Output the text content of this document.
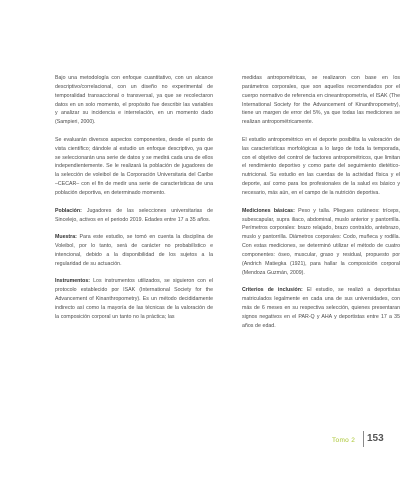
Bajo una metodología con enfoque cuantitativo, con un alcance descriptivo/correlacional, con un diseño no experimental de temporalidad transaccional o transversal, ya que se recolectaron datos en un solo momento, el propósito fue describir las variables y analizar su incidencia e interrelación, en un momento dado (Sampieri, 2000).

Se evaluarán diversos aspectos componentes, desde el punto de vista científico; dándole al estudio un enfoque descriptivo, ya que se seleccionarán una serie de datos y se medirá cada una de ellos independientemente. Se le realizará la población de jugadores de la selección de voleibol de la Corporación Universitaria del Caribe –CECAR– con el fin de medir una serie de características de una población deportiva, en determinado momento.

Población: Jugadores de las selecciones universitarias de Sincelejo, activos en el periodo 2019. Edades entre 17 a 35 años.

Muestra: Para este estudio, se tomó en cuenta la disciplina de Voleibol, por lo tanto, será de carácter no probabilístico e intencional, debido a la disponibilidad de los sujetos a la regularidad de su actuación.

Instrumentos: Los instrumentos utilizados, se siguieron con el protocolo establecido por ISAK (International Society for the Advancement of Kinanthropometry). Es un método decididamente indirecto así como la mayoría de las técnicas de la valoración de la composición corporal un tanto no la práctica; las

medidas antropométricas, se realizaron con base en los parámetros corporales, que son aquellos recomendados por el cuerpo normativo de referencia en cineantropometría, el ISAK (The International Society for the Advancement of Kinanthropometry), tiene un margen de error del 5%, ya que todas las mediciones se realizan antropométricamente.

El estudio antropométrico en el deporte posibilita la valoración de las características morfológicas a lo largo de toda la temporada, con el objetivo del control de factores antropométricos, que limitan el rendimiento deportivo y como parte del seguimiento dietético-nutricional. Su estudio en las cuerdas de la actividad física y el deporte, así como para los profesionales de la salud es básico y necesario, más aún, en el campo de la nutrición deportiva.

Mediciones básicas: Peso y talla. Pliegues cutáneos: tríceps, subescapular, supra iliaco, abdominal, muslo anterior y pantorrilla. Perímetros corporales: brazo relajado, brazo contraído, antebrazo, muslo y pantorrilla. Diámetros corporales: Codo, muñeca y rodilla. Con estas mediciones, se determinó utilizar el método de cuatro componentes: óseo, muscular, graso y residual, propuesto por (Andrich Matiegka (1921), para hallar la composición corporal (Mendoza Guzmán, 2009).

Criterios de inclusión: El estudio, se realizó a deportistas matriculados legalmente en cada una de sus universidades, con más de 6 meses en su respectiva selección, quienes presentaran signos negativos en el PAR-Q y AHA y deportistas entre 17 a 35 años de edad.

Tomo 2 153
